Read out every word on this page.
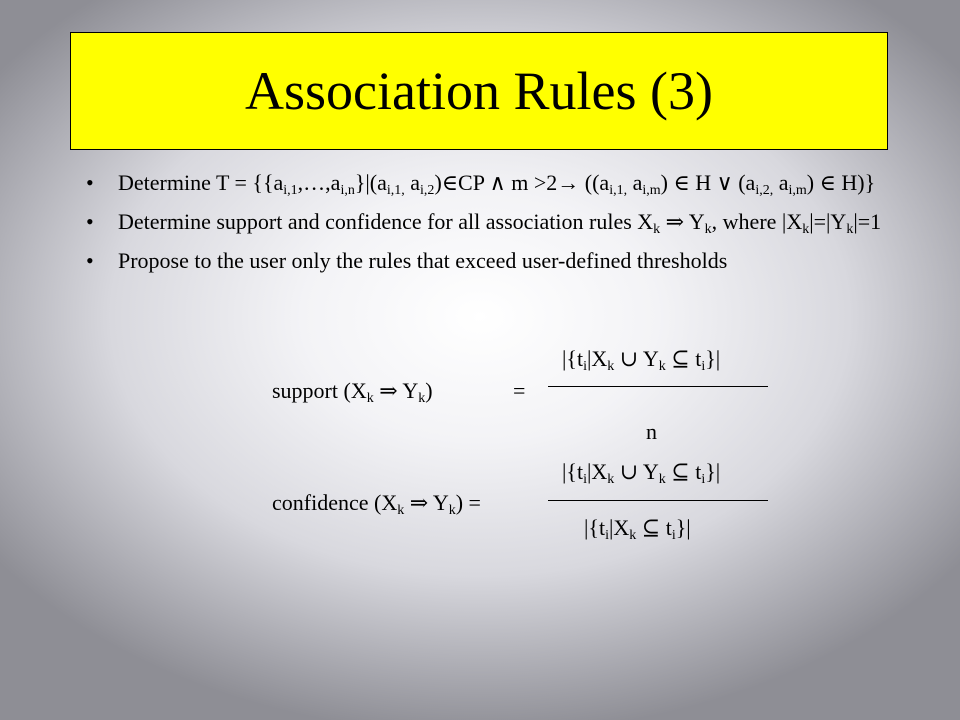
Association Rules (3)
• Determine $T = \{\{a_{i,1},\dots,a_{i,n}\}|(a_{i,1,}$ $a_{i,2})\in CP$ ∧ $m >2\to ((a_{i,1,}$ $a_{i,m}$) ∈ H ∨ ($a_{i,2,}$ $a_{i,m}$) ∈ H)}
• Determine support and confidence for all association rules $X_k$ ⇒ $Y_k$, where $|X_k|=|Y_k|=1$
• Propose to the user only the rules that exceed user-defined thresholds
support ($X_k$ ⇒ $Y_k$)	=
$|\{t_i|X_k$ ∪ $Y_k$ ⊆ $t_i\}|$
n
confidence ($X_k$ ⇒ $Y_k$) =
$|\{t_i|X_k$ ∪ $Y_k$ ⊆ $t_i\}|$
$|\{t_i|X_k$ ⊆ $t_i\}|$
